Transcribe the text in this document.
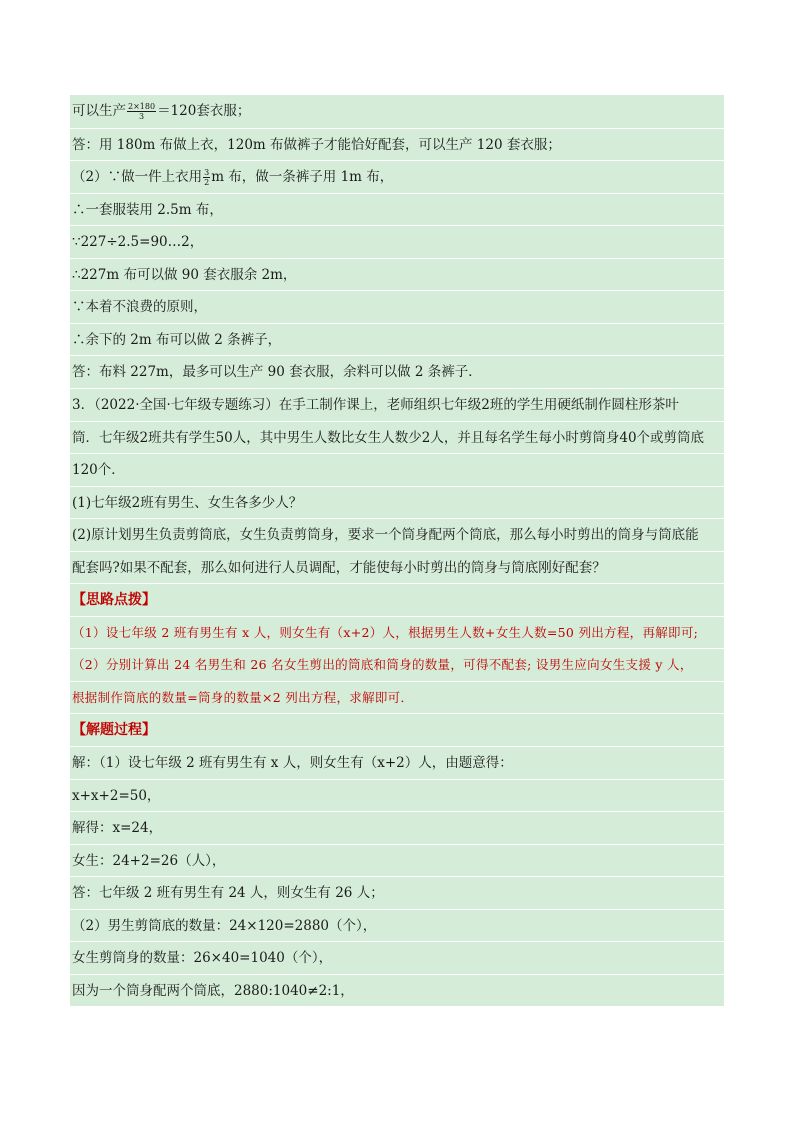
可以生产 $\frac{2\times 180}{3} =120$套衣服；
答：用 180m 布做上衣，120m 布做裤子才能恰好配套，可以生产 120 套衣服；
（2）∵做一件上衣用 $\frac{3}{2}$ m 布，做一条裤子用 1m 布，
∴一套服装用 2.5m 布，
∵227÷2.5=90…2，
∴227m 布可以做 90 套衣服余 2m，
∵本着不浪费的原则，
∴余下的 2m 布可以做 2 条裤子，
答：布料 227m，最多可以生产 90 套衣服，余料可以做 2 条裤子．
3．（2022·全国·七年级专题练习）在手工制作课上，老师组织七年级2班的学生用硬纸制作圆柱形茶叶
筒．七年级2班共有学生50人，其中男生人数比女生人数少2人，并且每名学生每小时剪筒身40个或剪筒底
120个．
(1)七年级2班有男生、女生各多少人？
(2)原计划男生负责剪筒底，女生负责剪筒身，要求一个筒身配两个筒底，那么每小时剪出的筒身与筒底能
配套吗?如果不配套，那么如何进行人员调配，才能使每小时剪出的筒身与筒底刚好配套？
【思路点拨】
（1）设七年级 2 班有男生有 x 人，则女生有（x+2）人，根据男生人数+女生人数=50 列出方程，再解即可;
（2）分别计算出 24 名男生和 26 名女生剪出的筒底和筒身的数量，可得不配套; 设男生应向女生支援 y 人，
根据制作筒底的数量=筒身的数量×2 列出方程，求解即可．
【解题过程】
解：（1）设七年级 2 班有男生有 x 人，则女生有（x+2）人，由题意得：
x+x+2=50，
解得：x=24，
女生：24+2=26（人），
答：七年级 2 班有男生有 24 人，则女生有 26 人；
（2）男生剪筒底的数量：24×120=2880（个），
女生剪筒身的数量：26×40=1040（个），
因为一个筒身配两个筒底，2880:1040≠2:1，
